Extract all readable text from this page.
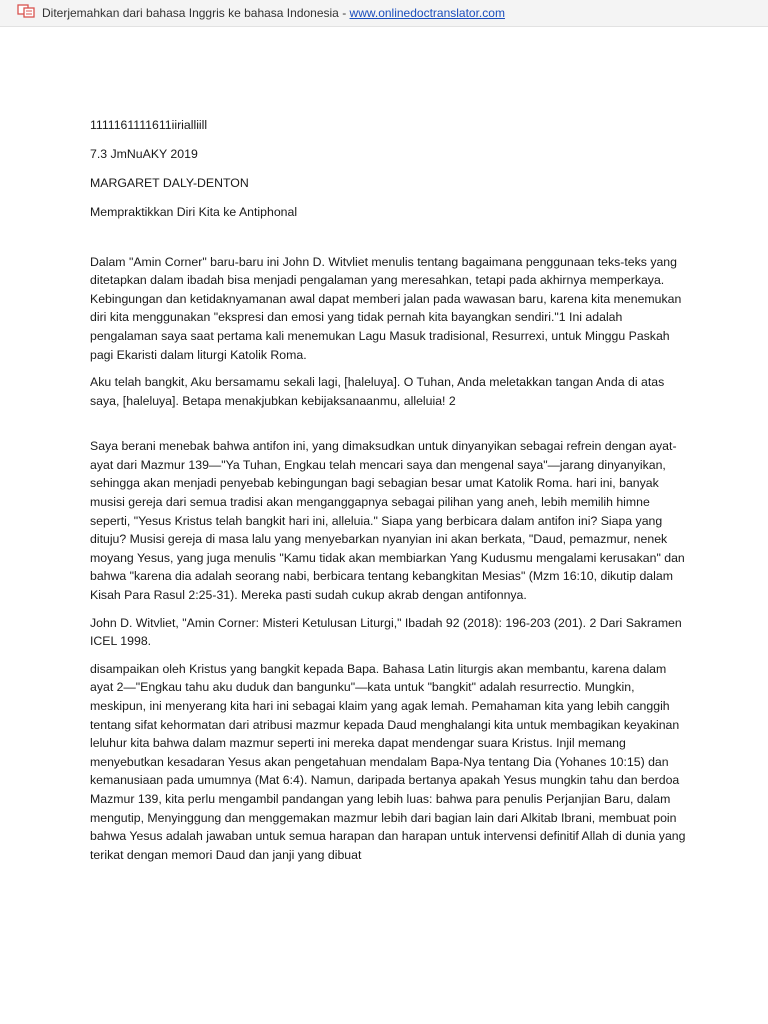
Diterjemahkan dari bahasa Inggris ke bahasa Indonesia - www.onlinedoctranslator.com

1111161111611iirialliill

7.3 JmNuAKY 2019

MARGARET DALY-DENTON

Mempraktikkan Diri Kita ke Antiphonal

Dalam "Amin Corner" baru-baru ini John D. Witvliet menulis tentang bagaimana penggunaan teks-teks yang ditetapkan dalam ibadah bisa menjadi pengalaman yang meresahkan, tetapi pada akhirnya memperkaya. Kebingungan dan ketidaknyamanan awal dapat memberi jalan pada wawasan baru, karena kita menemukan diri kita menggunakan "ekspresi dan emosi yang tidak pernah kita bayangkan sendiri."1 Ini adalah pengalaman saya saat pertama kali menemukan Lagu Masuk tradisional, Resurrexi, untuk Minggu Paskah pagi Ekaristi dalam liturgi Katolik Roma.

Aku telah bangkit, Aku bersamamu sekali lagi, [haleluya]. O Tuhan, Anda meletakkan tangan Anda di atas saya, [haleluya]. Betapa menakjubkan kebijaksanaanmu, alleluia! 2

Saya berani menebak bahwa antifon ini, yang dimaksudkan untuk dinyanyikan sebagai refrein dengan ayat-ayat dari Mazmur 139—"Ya Tuhan, Engkau telah mencari saya dan mengenal saya"—jarang dinyanyikan, sehingga akan menjadi penyebab kebingungan bagi sebagian besar umat Katolik Roma. hari ini, banyak musisi gereja dari semua tradisi akan menganggapnya sebagai pilihan yang aneh, lebih memilih himne seperti, "Yesus Kristus telah bangkit hari ini, alleluia." Siapa yang berbicara dalam antifon ini? Siapa yang dituju? Musisi gereja di masa lalu yang menyebarkan nyanyian ini akan berkata, "Daud, pemazmur, nenek moyang Yesus, yang juga menulis "Kamu tidak akan membiarkan Yang Kudusmu mengalami kerusakan" dan bahwa "karena dia adalah seorang nabi, berbicara tentang kebangkitan Mesias" (Mzm 16:10, dikutip dalam Kisah Para Rasul 2:25-31). Mereka pasti sudah cukup akrab dengan antifonnya.

John D. Witvliet, "Amin Corner: Misteri Ketulusan Liturgi," Ibadah 92 (2018): 196-203 (201). 2 Dari Sakramen ICEL 1998.

disampaikan oleh Kristus yang bangkit kepada Bapa. Bahasa Latin liturgis akan membantu, karena dalam ayat 2—"Engkau tahu aku duduk dan bangunku"—kata untuk "bangkit" adalah resurrectio. Mungkin, meskipun, ini menyerang kita hari ini sebagai klaim yang agak lemah. Pemahaman kita yang lebih canggih tentang sifat kehormatan dari atribusi mazmur kepada Daud menghalangi kita untuk membagikan keyakinan leluhur kita bahwa dalam mazmur seperti ini mereka dapat mendengar suara Kristus. Injil memang menyebutkan kesadaran Yesus akan pengetahuan mendalam Bapa-Nya tentang Dia (Yohanes 10:15) dan kemanusiaan pada umumnya (Mat 6:4). Namun, daripada bertanya apakah Yesus mungkin tahu dan berdoa Mazmur 139, kita perlu mengambil pandangan yang lebih luas: bahwa para penulis Perjanjian Baru, dalam mengutip, Menyinggung dan menggemakan mazmur lebih dari bagian lain dari Alkitab Ibrani, membuat poin bahwa Yesus adalah jawaban untuk semua harapan dan harapan untuk intervensi definitif Allah di dunia yang terikat dengan memori Daud dan janji yang dibuat
